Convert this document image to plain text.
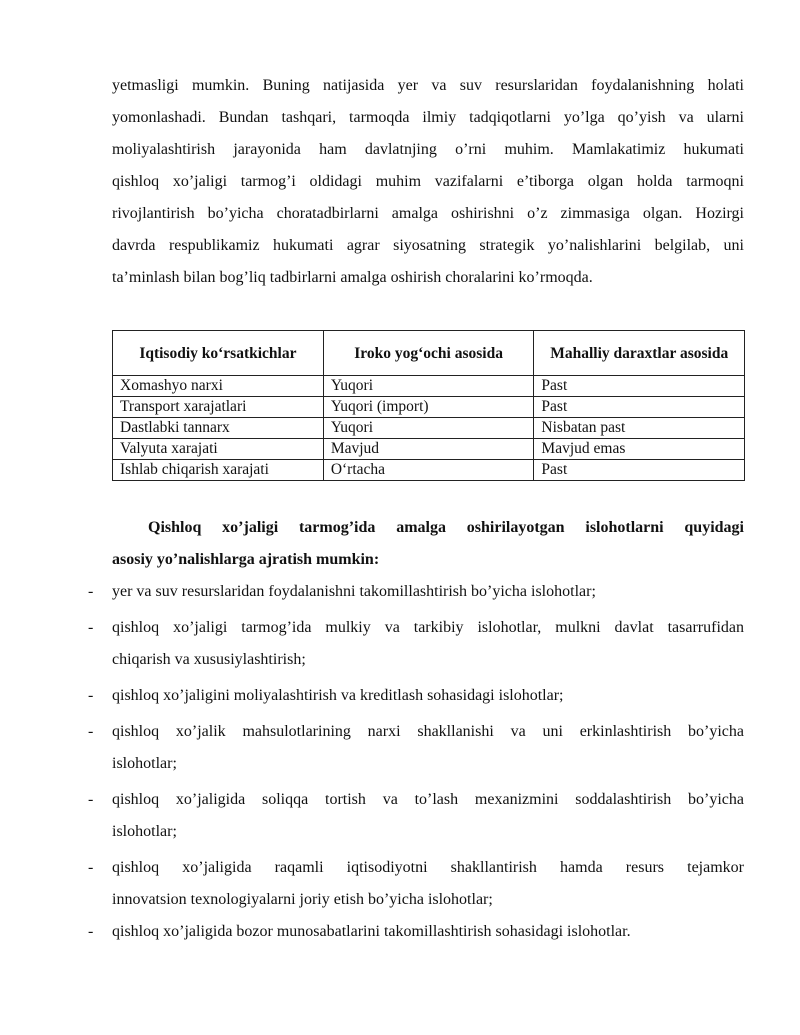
yetmasligi mumkin. Buning natijasida yer va suv resurslaridan foydalanishning holati
yomonlashadi. Bundan tashqari, tarmoqda ilmiy tadqiqotlarni yo’lga qo’yish va ularni
moliyalashtirish jarayonida ham davlatnjing o’rni muhim. Mamlakatimiz hukumati
qishloq xo’jaligi tarmog’i oldidagi muhim vazifalarni e’tiborga olgan holda tarmoqni
rivojlantirish bo’yicha choratadbirlarni amalga oshirishni o’z zimmasiga olgan. Hozirgi
davrda respublikamiz hukumati agrar siyosatning strategik yo’nalishlarini belgilab, uni
ta’minlash bilan bog’liq tadbirlarni amalga oshirish choralarini ko’rmoqda.

Iqtisodiy ko‘rsatkichlar	Iroko yog‘ochi asosida	Mahalliy daraxtlar asosida
Xomashyo narxi	Yuqori	Past
Transport xarajatlari	Yuqori (import)	Past
Dastlabki tannarx	Yuqori	Nisbatan past
Valyuta xarajati	Mavjud	Mavjud emas
Ishlab chiqarish xarajati	O‘rtacha	Past

Qishloq xo’jaligi tarmog’ida amalga oshirilayotgan islohotlarni quyidagi
asosiy yo’nalishlarga ajratish mumkin:

- yer va suv resurslaridan foydalanishni takomillashtirish bo’yicha islohotlar;
- qishloq xo’jaligi tarmog’ida mulkiy va tarkibiy islohotlar, mulkni davlat tasarrufidan
chiqarish va xususiylashtirish;
- qishloq xo’jaligini moliyalashtirish va kreditlash sohasidagi islohotlar;
- qishloq xo’jalik mahsulotlarining narxi shakllanishi va uni erkinlashtirish bo’yicha
islohotlar;
- qishloq xo’jaligida soliqqa tortish va to’lash mexanizmini soddalashtirish bo’yicha
islohotlar;
- qishloq xo’jaligida raqamli iqtisodiyotni shakllantirish hamda resurs tejamkor
innovatsion texnologiyalarni joriy etish bo’yicha islohotlar;
- qishloq xo’jaligida bozor munosabatlarini takomillashtirish sohasidagi islohotlar.
